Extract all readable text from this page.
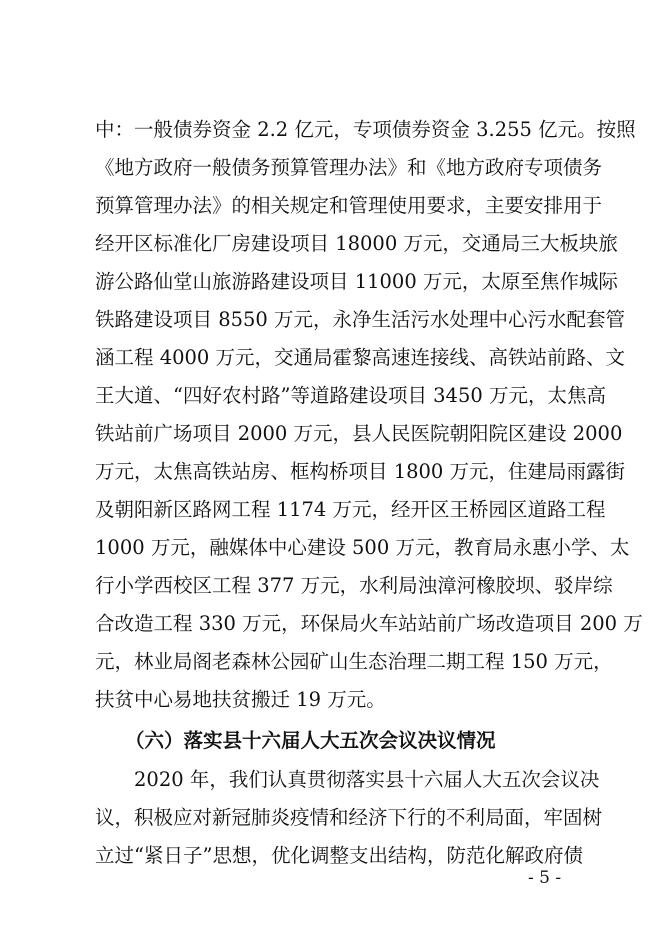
中：一般债券资金 2.2 亿元，专项债券资金 3.255 亿元。按照
《地方政府一般债务预算管理办法》和《地方政府专项债务
预算管理办法》的相关规定和管理使用要求，主要安排用于
经开区标准化厂房建设项目 18000 万元，交通局三大板块旅
游公路仙堂山旅游路建设项目 11000 万元，太原至焦作城际
铁路建设项目 8550 万元，永净生活污水处理中心污水配套管
涵工程 4000 万元，交通局霍黎高速连接线、高铁站前路、文
王大道、“四好农村路”等道路建设项目 3450 万元，太焦高
铁站前广场项目 2000 万元，县人民医院朝阳院区建设 2000
万元，太焦高铁站房、框构桥项目 1800 万元，住建局雨露街
及朝阳新区路网工程 1174 万元，经开区王桥园区道路工程
1000 万元，融媒体中心建设 500 万元，教育局永惠小学、太
行小学西校区工程 377 万元，水利局浊漳河橡胶坝、驳岸综
合改造工程 330 万元，环保局火车站站前广场改造项目 200 万
元，林业局阁老森林公园矿山生态治理二期工程 150 万元，
扶贫中心易地扶贫搬迁 19 万元。
（六）落实县十六届人大五次会议决议情况
2020 年，我们认真贯彻落实县十六届人大五次会议决
议，积极应对新冠肺炎疫情和经济下行的不利局面，牢固树
立过“紧日子”思想，优化调整支出结构，防范化解政府债
- 5 -
